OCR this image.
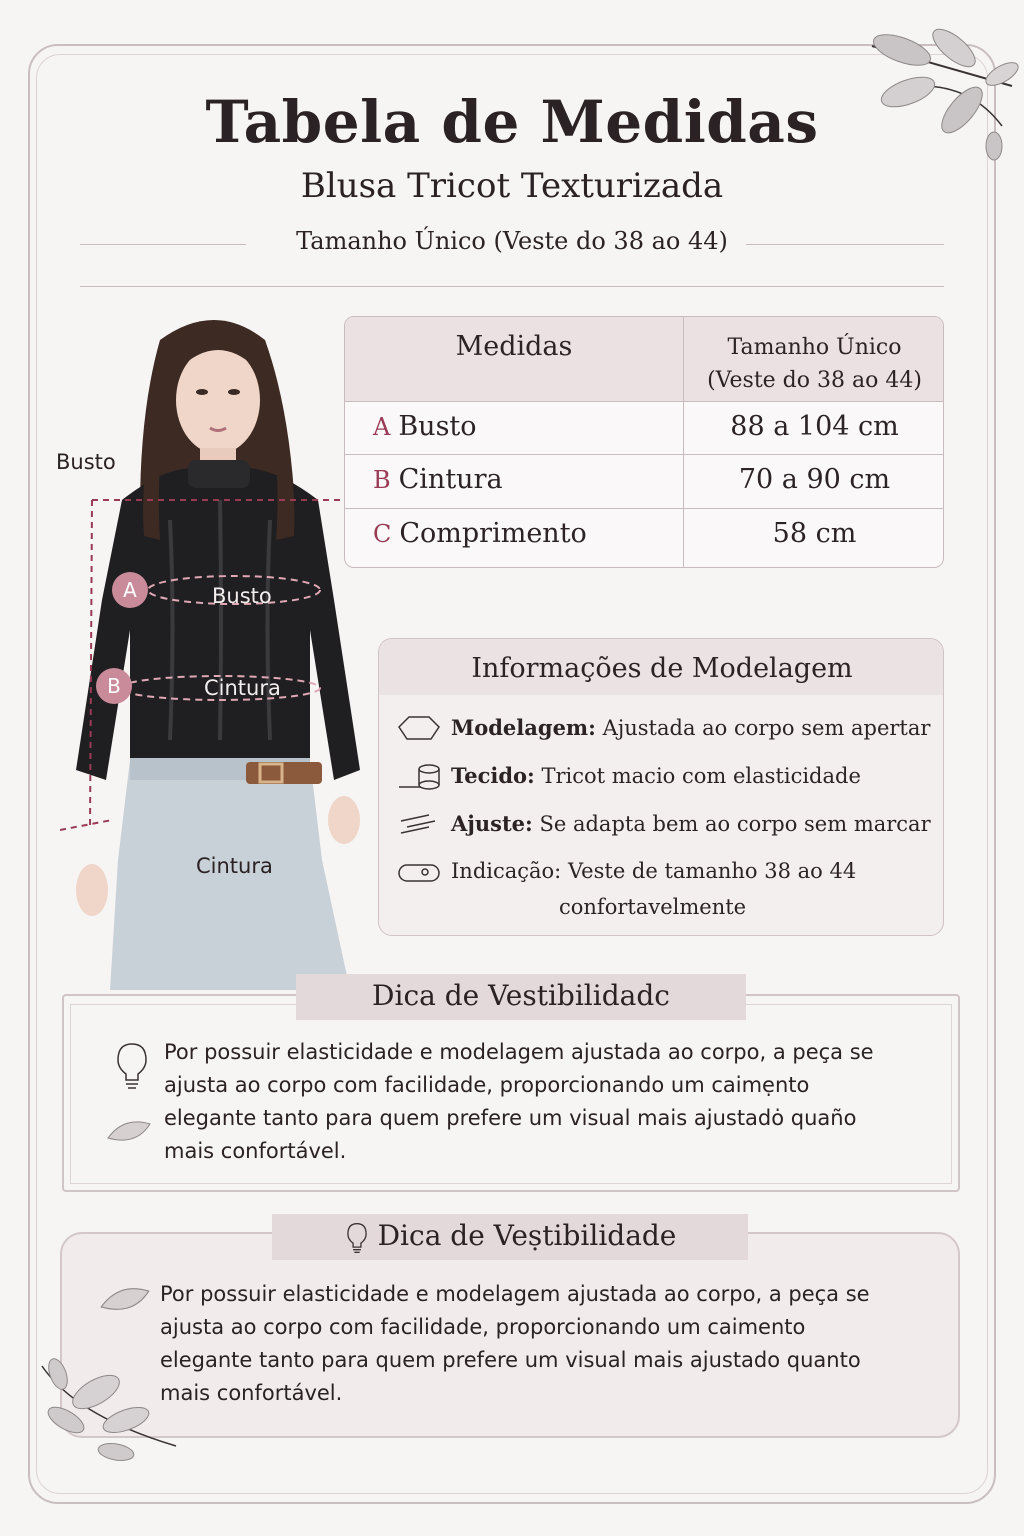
Tabela de Medidas
Blusa Tricot Texturizada
Tamanho Único (Veste do 38 ao 44)
Busto
A	Busto
B	Cintura
Cintura
Medidas	Tamanho Único
(Veste do 38 ao 44)
A Busto	88 a 104 cm
B Cintura	70 a 90 cm
C Comprimento	58 cm
Informações de Modelagem
Modelagem: Ajustada ao corpo sem apertar
Tecido: Tricot macio com elasticidade
Ajuste: Se adapta bem ao corpo sem marcar
Indicação: Veste de tamanho 38 ao 44
confortavelmente
Dica de Vestibilidadc
Por possuir elasticidade e modelagem ajustada ao corpo, a peça se
ajusta ao corpo com facilidade, proporcionando um caimẹnto
elegante tanto para quem prefere um visual mais ajustadȯ quaño
mais confortável.
Dica de Veṣtibilidade
Por possuir elasticidade e modelagem ajustada ao corpo, a peça se
ajusta ao corpo com facilidade, proporcionando um caimento
elegante tanto para quem prefere um visual mais ajustado quanto
mais confortável.
